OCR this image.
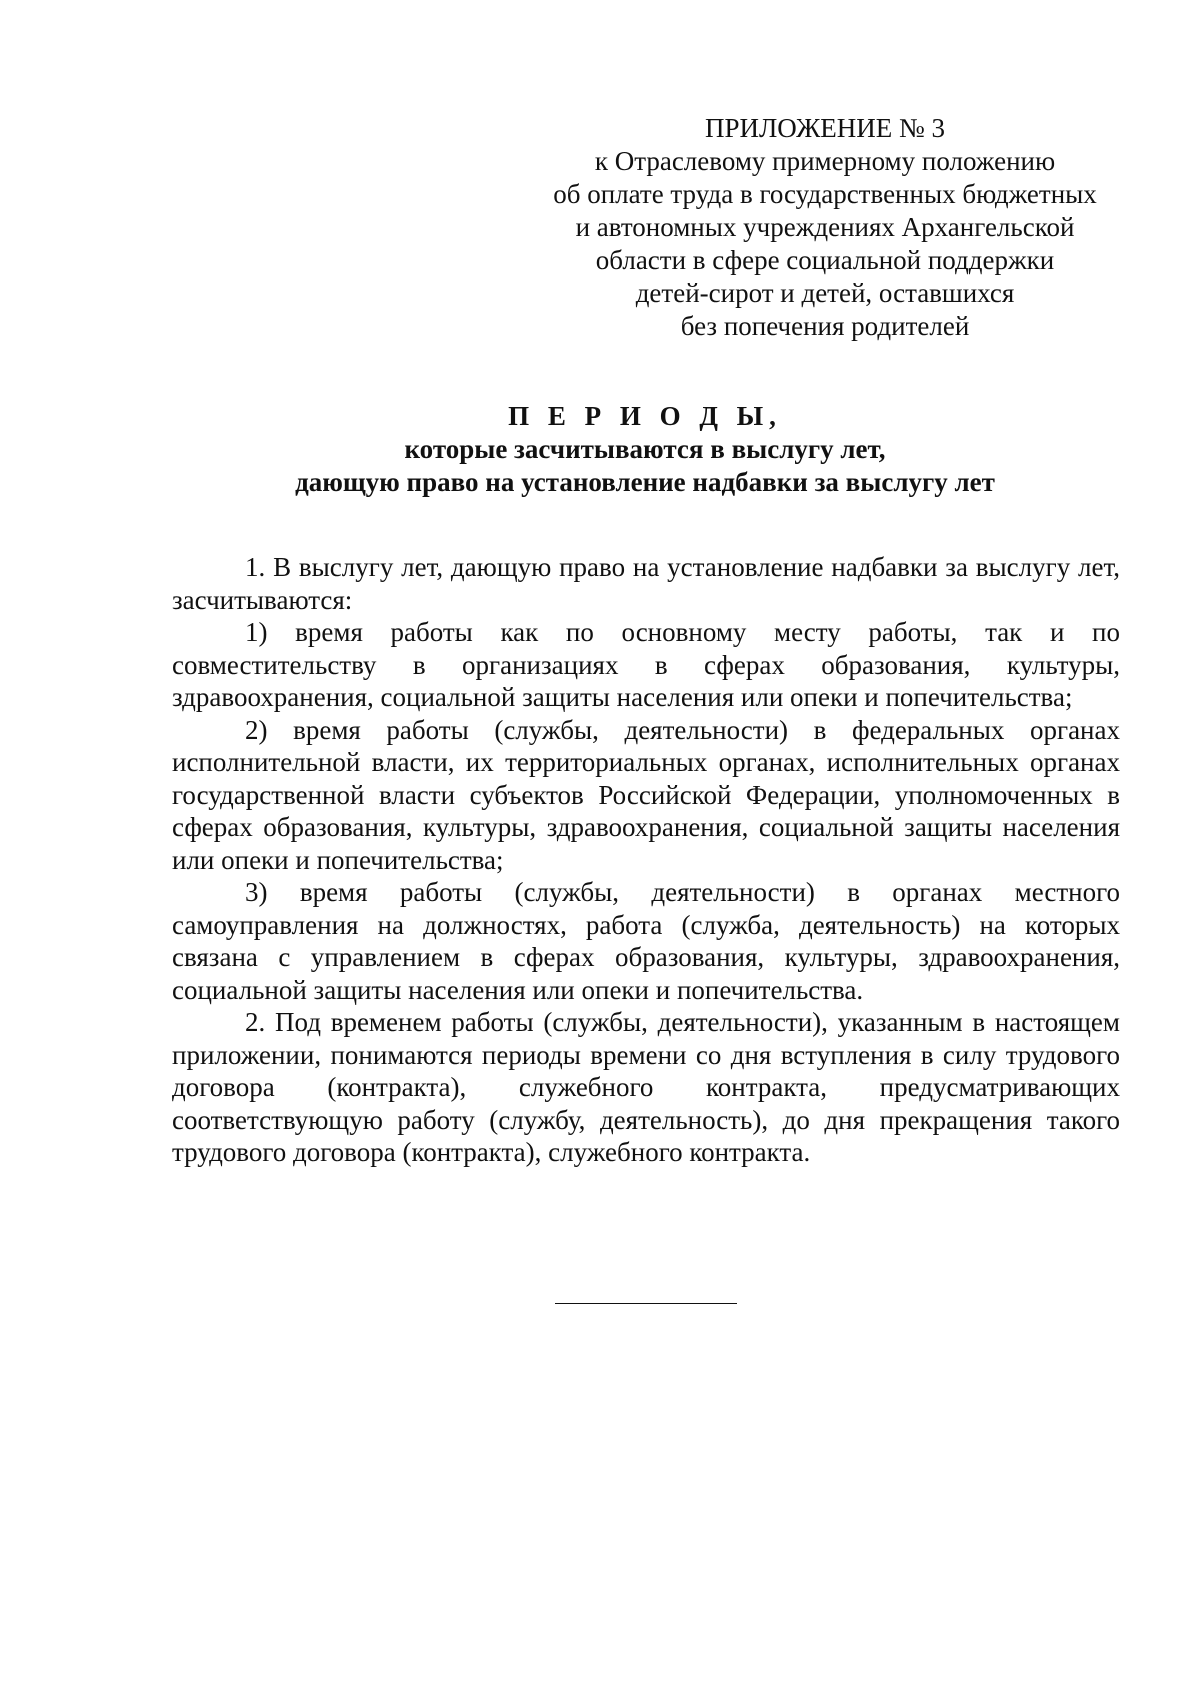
ПРИЛОЖЕНИЕ № 3
к Отраслевому примерному положению
об оплате труда в государственных бюджетных
и автономных учреждениях Архангельской
области в сфере социальной поддержки
детей-сирот и детей, оставшихся
без попечения родителей
П Е Р И О Д Ы,
которые засчитываются в выслугу лет,
дающую право на установление надбавки за выслугу лет

1. В выслугу лет, дающую право на установление надбавки за выслугу лет, засчитываются:

1) время работы как по основному месту работы, так и по совместительству в организациях в сферах образования, культуры, здравоохранения, социальной защиты населения или опеки и попечительства;

2) время работы (службы, деятельности) в федеральных органах исполнительной власти, их территориальных органах, исполнительных органах государственной власти субъектов Российской Федерации, уполномоченных в сферах образования, культуры, здравоохранения, социальной защиты населения или опеки и попечительства;

3) время работы (службы, деятельности) в органах местного самоуправления на должностях, работа (служба, деятельность) на которых связана с управлением в сферах образования, культуры, здравоохранения, социальной защиты населения или опеки и попечительства.

2. Под временем работы (службы, деятельности), указанным в настоящем приложении, понимаются периоды времени со дня вступления в силу трудового договора (контракта), служебного контракта, предусматривающих соответствующую работу (службу, деятельность), до дня прекращения такого трудового договора (контракта), служебного контракта.
